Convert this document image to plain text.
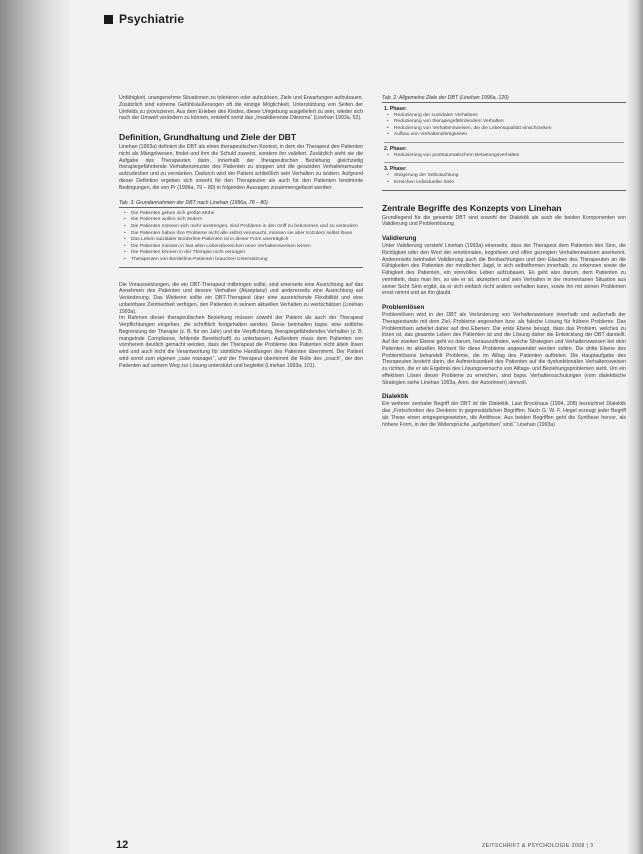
Psychiatrie

Unfähigkeit, unangenehme Situationen zu tolerieren oder aufzulösen. Ziele und Erwartungen aufzubauen. Zusätzlich sind extreme Gefühlsäußerungen oft die einzige Möglichkeit, Unterstützung von Seiten der Umfelds zu provozieren. Aus dem Erleben des Kindes, dieser Umgebung ausgeliefert zu sein, wieder sich nach der Umwelt verändern zu können, entsteht somit das „Invalidierende Dilemma“ (Linehan 1993a, 52).

Definition, Grundhaltung und Ziele der DBT

Linehan (1993a) definiert die DBT als einen therapeutischen Kontext, in dem der Therapeut den Patienten nicht als Mängelwesen, findet und ihm die Schuld zuweist, sondern ihn validiert. Zusätzlich sieht sie die Aufgabe des Therapeuten darin, innerhalb der therapeutischen Beziehung gleichzeitig therapiegefährdende Verhaltensmuster des Patienten zu stoppen und die gesunden Verhaltensmuster aufzudecken und zu verstärken. Dadurch wird der Patient schließlich sein Verhalten zu ändern. Aufgrund dieser Definition ergeben sich sowohl für den Therapeuten als auch für den Patienten bestimmte Bedingungen, die von Pr (1996a, 79 – 80) in folgenden Aussagen zusammengefasst werden:

Tab. 3: Grundannahmen der DBT nach Linehan (1996a, 78 – 80)
• Die Patienten geben sich größte Mühe
• Die Patienten wollen sich ändern
• Die Patienten müssen sich mehr anstrengen, sind Probleme in den Griff zu bekommen und zu verändern
• Die Patienten haben ihre Probleme nicht alle selbst verursacht, müssen sie aber trotzdem selbst lösen
• Das Leben suizidaler Borderline-Patienten ist in dieser Form unerträglich
• Die Patienten müssen in fast allen Lebensbereichen neue Verhaltensweisen lernen
• Die Patienten können in der Therapie nicht versagen
• Therapeuten von Borderline-Patienten brauchen Unterstützung

Die Voraussetzungen, die ein DBT-Therapeut mitbringen sollte, sind einerseits eine Ausrichtung auf das Annehmen des Patienten und dessen Verhalten (Akzeptanz) und andererseits eine Ausrichtung auf Veränderung. Das Weiteren sollte ein DBT-Therapeut über eine ausreichende Flexibilität und eine unbeirrbare Zentriertheit verfügen, den Patienten in seinem aktuellen Verhalten zu wertschätzen (Linehan 1993a).

Im Rahmen dieser therapeutischen Beziehung müssen sowohl der Patient als auch der Therapeut Verpflichtungen eingehen, die schriftlich festgehalten werden. Diese beinhalten bspw. eine zeitliche Begrenzung der Therapie (z. B. für ein Jahr) und die Verpflichtung, therapiegefährdendes Verhalten (z. B. mangelnde Compliance, fehlende Bereitschaft) zu unterlassen. Außerdem muss dem Patienten von vornherein deutlich gemacht werden, dass der Therapeut die Probleme des Patienten nicht allein lösen wird und auch nicht die Verantwortung für sämtliche Handlungen des Patienten übernimmt. Der Patient wird somit zum eigenen „case manager“, und der Therapeut übernimmt die Rolle des „coach“, der den Patienten auf seinem Weg zur Lösung unterstützt und begleitet (Linehan 1993a, 101).

Tab. 2: Allgemeine Ziele der DBT (Linehan 1996a, 120)
1. Phase:
• Reduzierung der suizidalen Verhaltens
• Reduzierung von therapiegefährdendem Verhalten
• Reduzierung von Verhaltensweisen, die die Lebensqualität einschränken
• Aufbau von Verhaltensfertigkeiten
2. Phase:
• Reduzierung von posttraumatischem Belastungsverhalten
3. Phase:
• Steigerung der Selbstachtung
• Erreichen individueller Ziele
Zentrale Begriffe des Konzepts von Linehan

Grundlegend für die gesamte DBT sind sowohl der Dialektik als auch die beiden Komponenten von Validierung und Problemlösung.

Validierung

Unter Validierung versteht Linehan (1993a) einerseits, dass der Therapeut dem Patienten den Sinn, die Richtigkeit oder den Wert der emotionalen, kognitiven und offen gezeigten Verhaltensweisen anerkennt. Andererseits beinhaltet Validierung auch die Beobachtungen und den Glauben des Therapeuten an die Fähigkeiten des Patienten der mindlichen Jagd, in sich selbstformen innerhalb, zu erkennen sowie die Fähigkeit des Patienten, ein sinnvolles Leben aufzubauen. Es geht also darum, dem Patienten zu vermitteln, dass man ihn, so wie er ist, akzeptiert und sein Verhalten in der momentanen Situation aus seiner Sicht Sinn ergibt, da er sich einfach nicht anders verhalten kann, sowie ihn mit seinen Problemen ernst nimmt und an ihn glaubt.

Problemlösen

Problemlösen wird in der DBT als Veränderung von Verhaltensweisen innerhalb und außerhalb der Therapiestunde mit dem Ziel, Probleme angesehen bzw. als falsche Lösung für frühere Probleme. Das Problemlösen arbeitet daher auf drei Ebenen: Die erste Ebene besagt, dass das Problem, welches zu lösen ist, das gesamte Leben des Patienten ist und die Lösung daher die Entwicklung der DBT darstellt. Auf der zweiten Ebene geht es darum, herauszufinden, welche Strategien und Verhaltensweisen bei dem Patienten im aktuellen Moment für diese Probleme angewendet werden sollen. Die dritte Ebene des Problemlösens behandelt Probleme, die im Alltag des Patienten auftreten. Die Hauptaufgabe des Therapeuten besteht darin, die Aufmerksamkeit des Patienten auf die dysfunktionalen Verhaltensweisen zu richten, die er als Ergebnis des Lösungsversuchs von Alltags- und Beziehungsproblemen sieht. Um ein effektiven Lösen dieser Probleme zu erreichen, sind bspw. Verhaltensschulungen (vom dialektische Strategien siehe Linehan 1993a, Anm. der Autorinnen) sinnvoll.

Dialektik

Ein weiterer zentraler Begriff der DBT ist die Dialektik. Laut Brockhaus (1994, 208) bezeichnet Dialektik das „Fortschreiten des Denkens in gegensätzlichen Begriffen. Nach G. W. F. Hegel erzeugt jeder Begriff als These einen entgegengesetzten, die Antithese. Aus beiden Begriffen geht die Synthese hervor, als höhere Form, in der die Widersprüche „aufgehoben“ sind.“ Linehan (1993a)

12	ZEITSCHRIFT & PSYCHOLOGIE 2008 | 3
